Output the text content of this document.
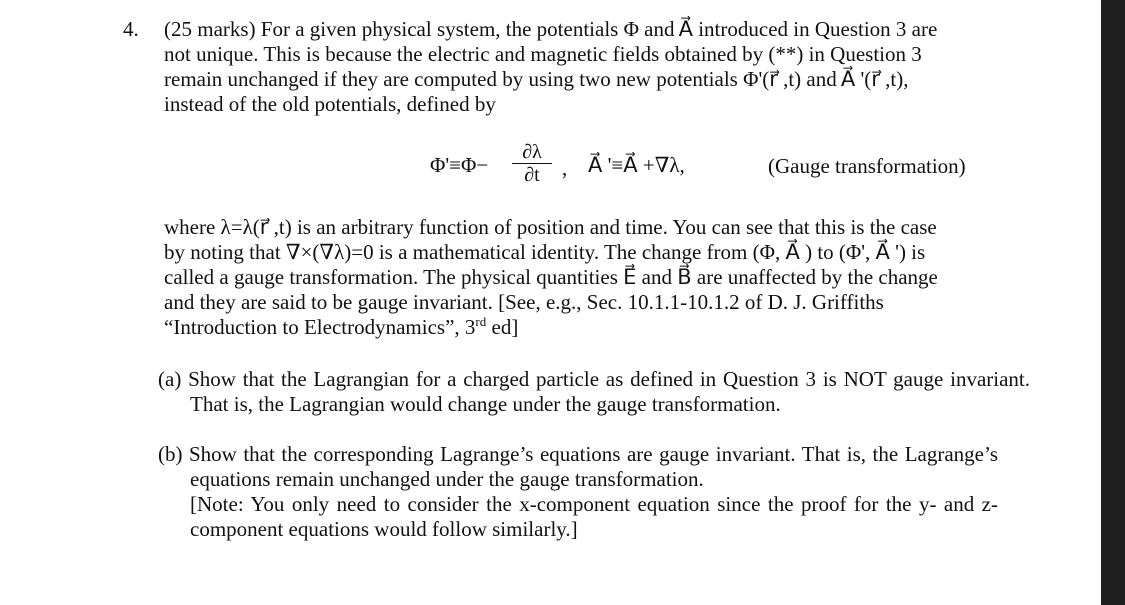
4. (25 marks) For a given physical system, the potentials Φ and A⃗ introduced in Question 3 are
not unique. This is because the electric and magnetic fields obtained by (**) in Question 3
remain unchanged if they are computed by using two new potentials Φ'(r⃗ ,t) and A⃗ '(r⃗ ,t),
instead of the old potentials, defined by
$\Phi'\equiv\Phi- \frac{\partial\lambda}{\partial t}$ , A⃗ '≡A⃗ +∇λ,	(Gauge transformation)
where λ=λ(r⃗ ,t) is an arbitrary function of position and time. You can see that this is the case
by noting that ∇×(∇λ)=0 is a mathematical identity. The change from (Φ, A⃗ ) to (Φ', A⃗ ') is
called a gauge transformation. The physical quantities E⃗ and B⃗ are unaffected by the change
and they are said to be gauge invariant. [See, e.g., Sec. 10.1.1-10.1.2 of D. J. Griffiths
“Introduction to Electrodynamics”, 3rd ed]
(a) Show that the Lagrangian for a charged particle as defined in Question 3 is NOT gauge invariant. That is, the Lagrangian would change under the gauge transformation.
(b) Show that the corresponding Lagrange’s equations are gauge invariant. That is, the Lagrange’s equations remain unchanged under the gauge transformation.
[Note: You only need to consider the x-component equation since the proof for the y- and z-component equations would follow similarly.]
